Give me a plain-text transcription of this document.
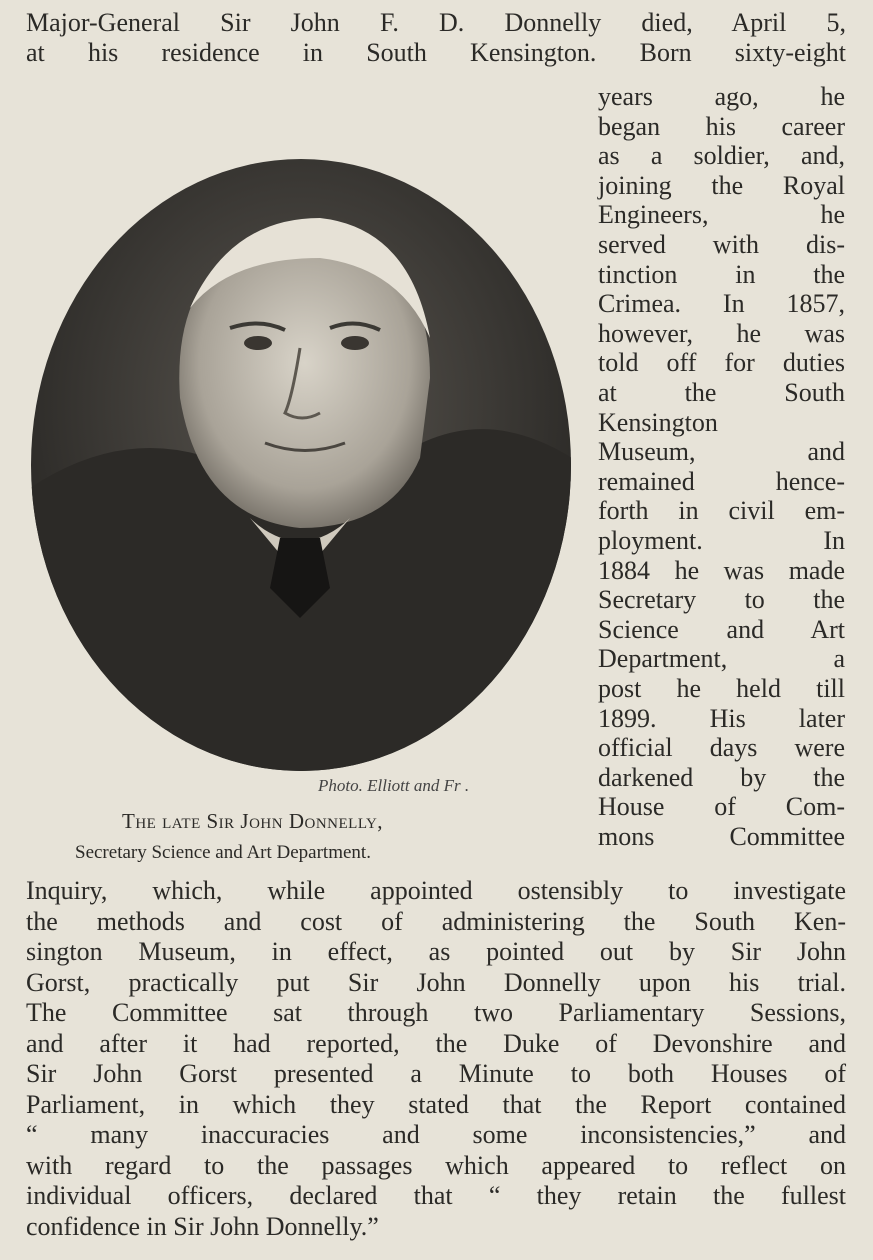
Major-General Sir John F. D. Donnelly died, April 5,
at his residence in South Kensington. Born sixty-eight
years ago, he
began his career
as a soldier, and,
joining the Royal
Engineers, he
served with dis-
tinction in the
Crimea. In 1857,
however, he was
told off for duties
at the South
Kensington
Museum, and
remained hence-
forth in civil em-
ployment. In
1884 he was made
Secretary to the
Science and Art
Department, a
post he held till
1899. His later
official days were
darkened by the
House of Com-
mons Committee
Inquiry, which, while appointed ostensibly to investigate
the methods and cost of administering the South Ken-
sington Museum, in effect, as pointed out by Sir John
Gorst, practically put Sir John Donnelly upon his trial.
The Committee sat through two Parliamentary Sessions,
and after it had reported, the Duke of Devonshire and
Sir John Gorst presented a Minute to both Houses of
Parliament, in which they stated that the Report contained
“ many inaccuracies and some inconsistencies,” and
with regard to the passages which appeared to reflect on
individual officers, declared that “ they retain the fullest
confidence in Sir John Donnelly.”
Photo. Elliott and Fr .
The late Sir John Donnelly,
Secretary Science and Art Department.
